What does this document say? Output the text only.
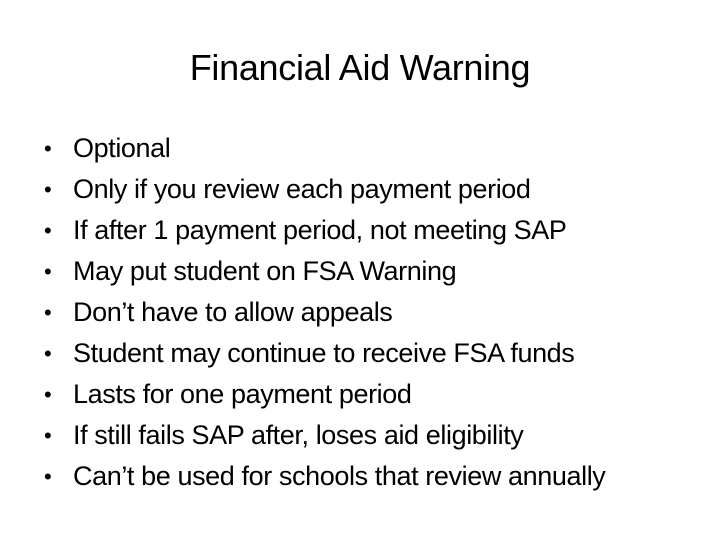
Financial Aid Warning
• Optional
• Only if you review each payment period
• If after 1 payment period, not meeting SAP
• May put student on FSA Warning
• Don’t have to allow appeals
• Student may continue to receive FSA funds
• Lasts for one payment period
• If still fails SAP after, loses aid eligibility
• Can’t be used for schools that review annually
